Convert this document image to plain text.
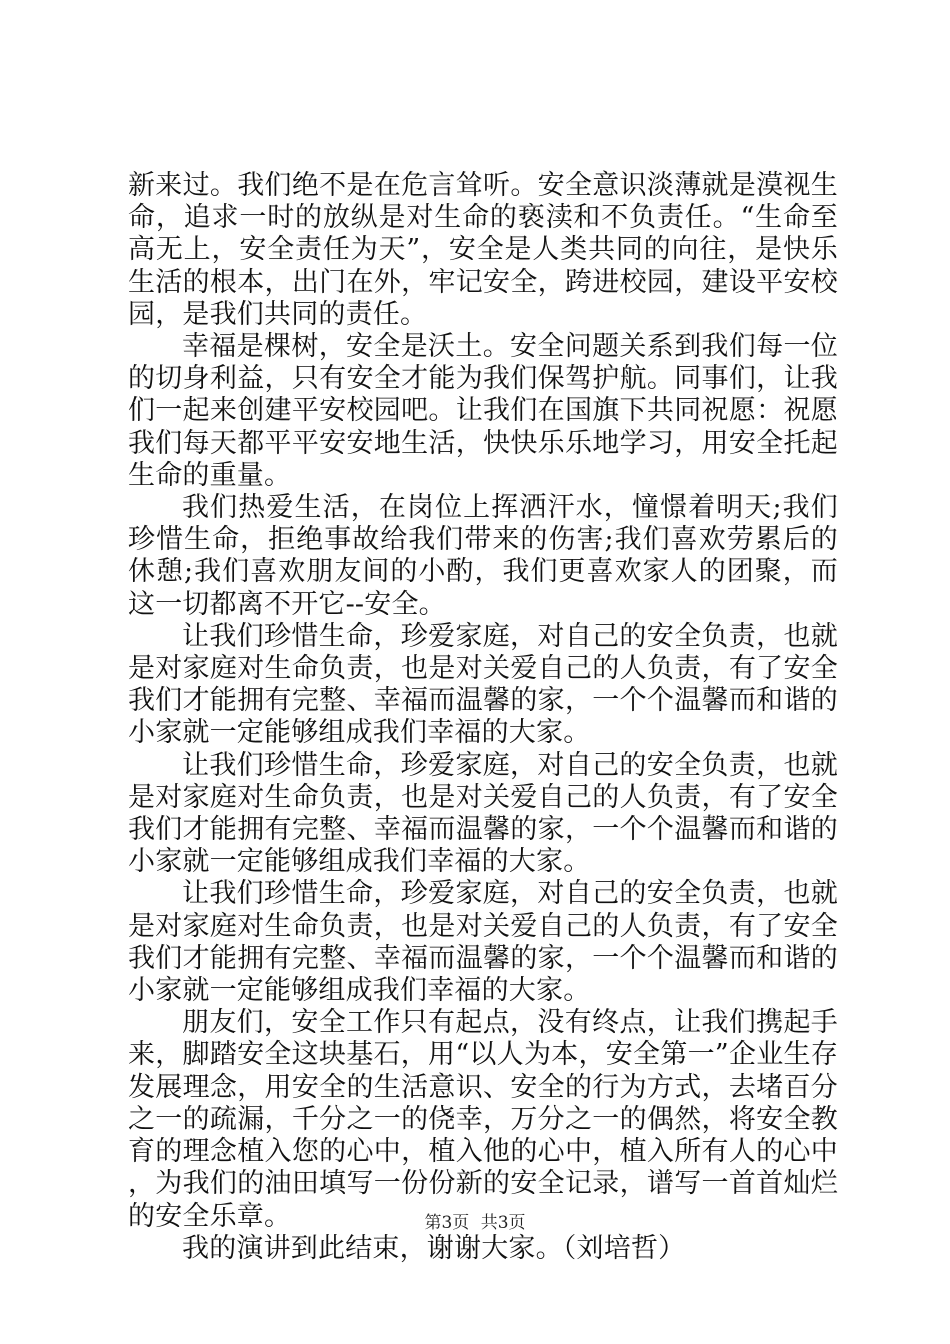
新来过。我们绝不是在危言耸听。安全意识淡薄就是漠视生命，追求一时的放纵是对生命的亵渎和不负责任。“生命至高无上，安全责任为天”，安全是人类共同的向往，是快乐生活的根本，出门在外，牢记安全，跨进校园，建设平安校园，是我们共同的责任。

幸福是棵树，安全是沃土。安全问题关系到我们每一位的切身利益，只有安全才能为我们保驾护航。同事们，让我们一起来创建平安校园吧。让我们在国旗下共同祝愿：祝愿我们每天都平平安安地生活，快快乐乐地学习，用安全托起生命的重量。

我们热爱生活，在岗位上挥洒汗水，憧憬着明天;我们珍惜生命，拒绝事故给我们带来的伤害;我们喜欢劳累后的休憩;我们喜欢朋友间的小酌，我们更喜欢家人的团聚，而这一切都离不开它--安全。

让我们珍惜生命，珍爱家庭，对自己的安全负责，也就是对家庭对生命负责，也是对关爱自己的人负责，有了安全我们才能拥有完整、幸福而温馨的家，一个个温馨而和谐的小家就一定能够组成我们幸福的大家。

让我们珍惜生命，珍爱家庭，对自己的安全负责，也就是对家庭对生命负责，也是对关爱自己的人负责，有了安全我们才能拥有完整、幸福而温馨的家，一个个温馨而和谐的小家就一定能够组成我们幸福的大家。

让我们珍惜生命，珍爱家庭，对自己的安全负责，也就是对家庭对生命负责，也是对关爱自己的人负责，有了安全我们才能拥有完整、幸福而温馨的家，一个个温馨而和谐的小家就一定能够组成我们幸福的大家。

朋友们，安全工作只有起点，没有终点，让我们携起手来，脚踏安全这块基石，用“以人为本，安全第一”企业生存发展理念，用安全的生活意识、安全的行为方式，去堵百分之一的疏漏，千分之一的侥幸，万分之一的偶然，将安全教育的理念植入您的心中，植入他的心中，植入所有人的心中，为我们的油田填写一份份新的安全记录，谱写一首首灿烂的安全乐章。

我的演讲到此结束，谢谢大家。（刘培哲）

第3页 共3页
